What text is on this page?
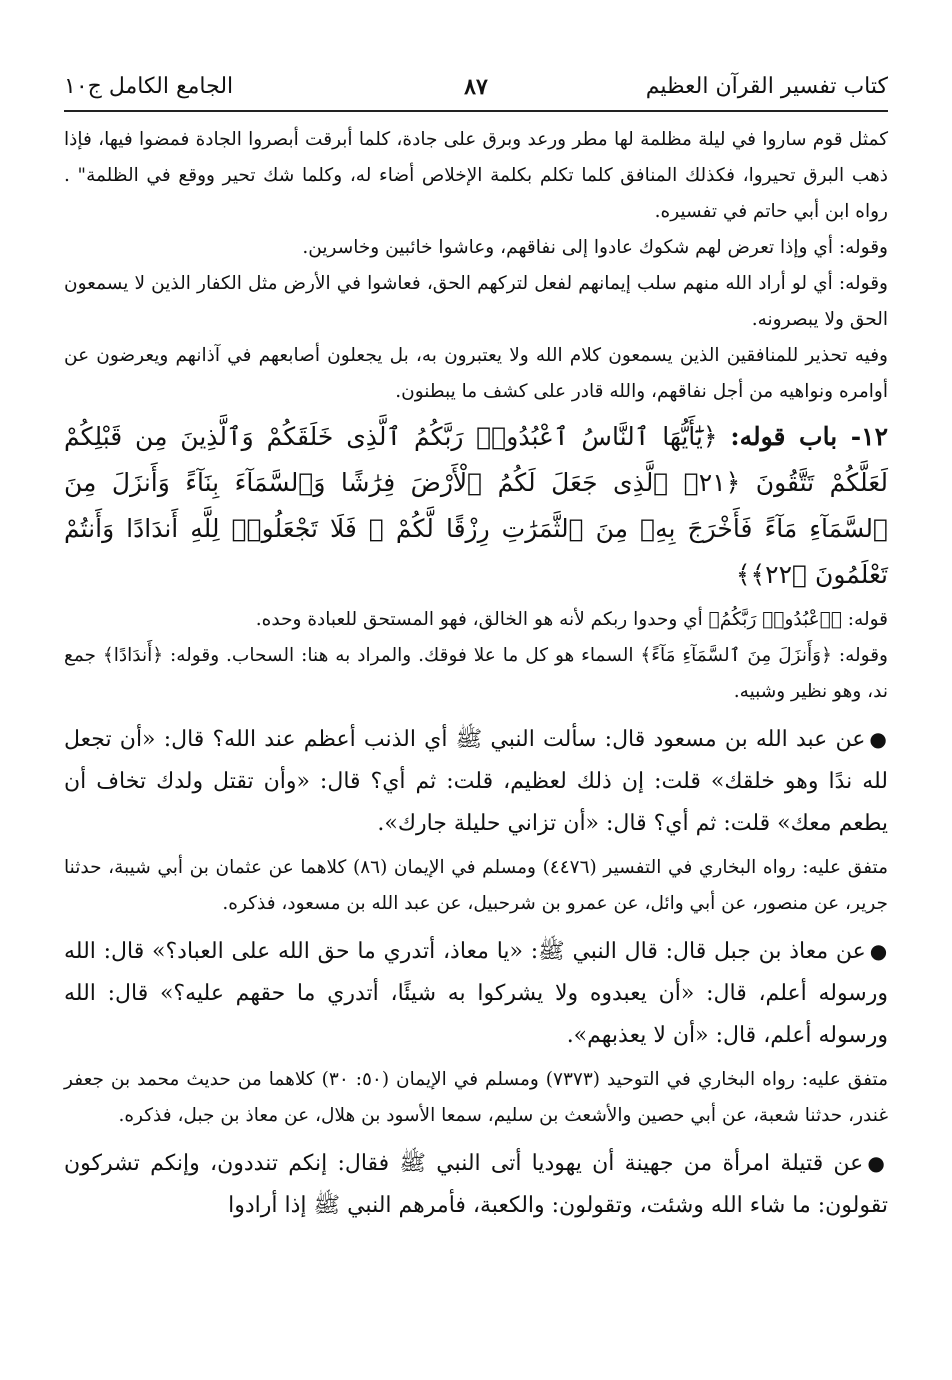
كتاب تفسير القرآن العظيم
٨٧
الجامع الكامل ج١٠

كمثل قوم ساروا في ليلة مظلمة لها مطر ورعد وبرق على جادة، كلما أبرقت أبصروا الجادة فمضوا فيها، فإذا ذهب البرق تحيروا، فكذلك المنافق كلما تكلم بكلمة الإخلاص أضاء له، وكلما شك تحير ووقع في الظلمة" . رواه ابن أبي حاتم في تفسيره.

وقوله: أي وإذا تعرض لهم شكوك عادوا إلى نفاقهم، وعاشوا خائبين وخاسرين.

وقوله: أي لو أراد الله منهم سلب إيمانهم لفعل لتركهم الحق، فعاشوا في الأرض مثل الكفار الذين لا يسمعون الحق ولا يبصرونه.

وفيه تحذير للمنافقين الذين يسمعون كلام الله ولا يعتبرون به، بل يجعلون أصابعهم في آذانهم ويعرضون عن أوامره ونواهيه من أجل نفاقهم، والله قادر على كشف ما يبطنون.

١٢- باب قوله: ﴿يَٰٓأَيُّهَا ٱلنَّاسُ ٱعْبُدُوا۟ رَبَّكُمُ ٱلَّذِى خَلَقَكُمْ وَٱلَّذِينَ مِن قَبْلِكُمْ لَعَلَّكُمْ تَتَّقُونَ ﴿٢١﴾ ٱلَّذِى جَعَلَ لَكُمُ ٱلْأَرْضَ فِرَٰشًا وَٱلسَّمَآءَ بِنَآءً وَأَنزَلَ مِنَ ٱلسَّمَآءِ مَآءً فَأَخْرَجَ بِهِۦ مِنَ ٱلثَّمَرَٰتِ رِزْقًا لَّكُمْ ۖ فَلَا تَجْعَلُوا۟ لِلَّهِ أَندَادًا وَأَنتُمْ تَعْلَمُونَ ﴿٢٢﴾﴾

قوله: ﴿ٱعْبُدُوا۟ رَبَّكُمُ﴾ أي وحدوا ربكم لأنه هو الخالق، فهو المستحق للعبادة وحده.

وقوله: ﴿وَأَنزَلَ مِنَ ٱلسَّمَآءِ مَآءً﴾ السماء هو كل ما علا فوقك. والمراد به هنا: السحاب. وقوله: ﴿أَندَادًا﴾ جمع ند، وهو نظير وشبيه.

●عن عبد الله بن مسعود قال: سألت النبي ﷺ أي الذنب أعظم عند الله؟ قال: «أن تجعل لله ندًا وهو خلقك» قلت: إن ذلك لعظيم، قلت: ثم أي؟ قال: «وأن تقتل ولدك تخاف أن يطعم معك» قلت: ثم أي؟ قال: «أن تزاني حليلة جارك».

متفق عليه: رواه البخاري في التفسير (٤٤٧٦) ومسلم في الإيمان (٨٦) كلاهما عن عثمان بن أبي شيبة، حدثنا جرير، عن منصور، عن أبي وائل، عن عمرو بن شرحبيل، عن عبد الله بن مسعود، فذكره.

●عن معاذ بن جبل قال: قال النبي ﷺ: «يا معاذ، أتدري ما حق الله على العباد؟» قال: الله ورسوله أعلم، قال: «أن يعبدوه ولا يشركوا به شيئًا، أتدري ما حقهم عليه؟» قال: الله ورسوله أعلم، قال: «أن لا يعذبهم».

متفق عليه: رواه البخاري في التوحيد (٧٣٧٣) ومسلم في الإيمان (٥٠: ٣٠) كلاهما من حديث محمد بن جعفر غندر، حدثنا شعبة، عن أبي حصين والأشعث بن سليم، سمعا الأسود بن هلال، عن معاذ بن جبل، فذكره.

●عن قتيلة امرأة من جهينة أن يهوديا أتى النبي ﷺ فقال: إنكم تنددون، وإنكم تشركون تقولون: ما شاء الله وشئت، وتقولون: والكعبة، فأمرهم النبي ﷺ إذا أرادوا
